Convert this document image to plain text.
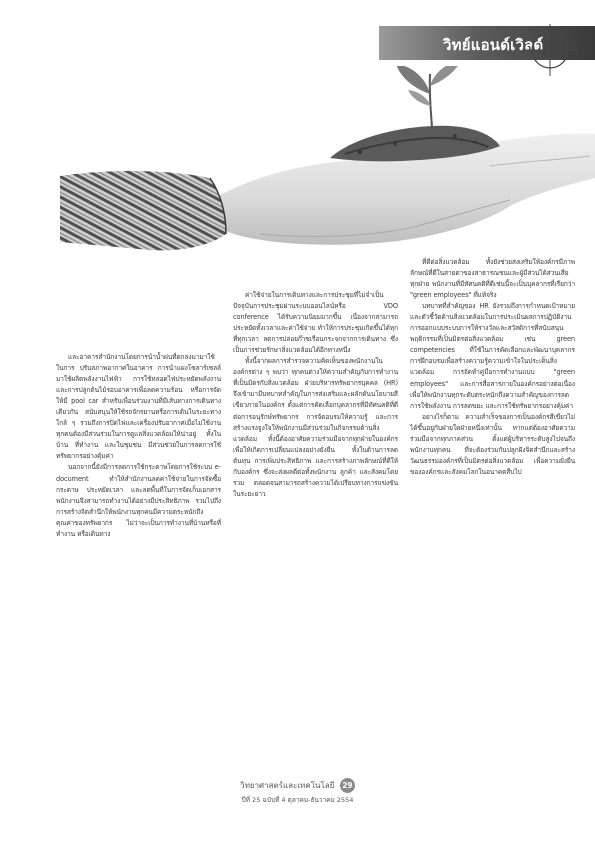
วิทย์แอนด์เวิลด์

และอาคารสำนักงานโดยการนำน้ำฝนที่ตกลงมามาใช้ในการ ปรับสภาพอากาศในอาคาร การนำแผงโซลาร์เซลล์มาใช้ผลิตพลังงานไฟฟ้า การใช้หลอดไฟประหยัดพลังงาน และการปลูกต้นไม้รอบอาคารเพื่อลดความร้อน หรือการจัดให้มี pool car สำหรับเพื่อนร่วมงานที่มีเส้นทางการเดินทางเดียวกัน สนับสนุนให้ใช้รถจักรยานหรือการเดินในระยะทางใกล้ ๆ รวมถึงการปิดไฟและเครื่องปรับอากาศเมื่อไม่ใช้งาน ทุกคนต้องมีส่วนร่วมในการดูแลสิ่งแวดล้อมให้น่าอยู่ ทั้งในบ้าน ที่ทำงาน และในชุมชน มีส่วนช่วยในการลดการใช้ทรัพยากรอย่างคุ้มค่า

นอกจากนี้ยังมีการลดการใช้กระดาษโดยการใช้ระบบ e-document ทำให้สำนักงานลดค่าใช้จ่ายในการจัดซื้อกระดาษ ประหยัดเวลา และลดพื้นที่ในการจัดเก็บเอกสาร พนักงานจึงสามารถทำงานได้อย่างมีประสิทธิภาพ รวมไปถึงการสร้างจิตสำนึกให้พนักงานทุกคนมีความตระหนักถึงคุณค่าของทรัพยากร ไม่ว่าจะเป็นการทำงานที่บ้านหรือที่ทำงาน หรือเดินทาง

ค่าใช้จ่ายในการเดินทางและการประชุมที่ไม่จำเป็น ปัจจุบันการประชุมผ่านระบบออนไลน์หรือ VDO conference ได้รับความนิยมมากขึ้น เนื่องจากสามารถประหยัดทั้งเวลาและค่าใช้จ่าย ทำให้การประชุมเกิดขึ้นได้ทุกที่ทุกเวลา ลดการปล่อยก๊าซเรือนกระจกจากการเดินทาง ซึ่งเป็นการช่วยรักษาสิ่งแวดล้อมได้อีกทางหนึ่ง

ทั้งนี้จากผลการสำรวจความคิดเห็นของพนักงานในองค์กรต่าง ๆ พบว่า ทุกคนต่างให้ความสำคัญกับการทำงานที่เป็นมิตรกับสิ่งแวดล้อม ฝ่ายบริหารทรัพยากรบุคคล (HR) จึงเข้ามามีบทบาทสำคัญในการส่งเสริมและผลักดันนโยบายสีเขียวภายในองค์กร ตั้งแต่การคัดเลือกบุคลากรที่มีทัศนคติที่ดีต่อการอนุรักษ์ทรัพยากร การจัดอบรมให้ความรู้ และการสร้างแรงจูงใจให้พนักงานมีส่วนร่วมในกิจกรรมด้านสิ่งแวดล้อม ทั้งนี้ต้องอาศัยความร่วมมือจากทุกฝ่ายในองค์กร เพื่อให้เกิดการเปลี่ยนแปลงอย่างยั่งยืน ทั้งในด้านการลดต้นทุน การเพิ่มประสิทธิภาพ และการสร้างภาพลักษณ์ที่ดีให้กับองค์กร ซึ่งจะส่งผลดีต่อทั้งพนักงาน ลูกค้า และสังคมโดยรวม ตลอดจนสามารถสร้างความได้เปรียบทางการแข่งขันในระยะยาว

ที่ดีต่อสิ่งแวดล้อม ทั้งยังช่วยส่งเสริมให้องค์กรมีภาพลักษณ์ที่ดีในสายตาของสาธารณชนและผู้มีส่วนได้ส่วนเสียทุกฝ่าย พนักงานที่มีทัศนคติที่ดีเช่นนี้จะเป็นบุคลากรที่เรียกว่า "green employees" ที่แท้จริง

บทบาทที่สำคัญของ HR ยังรวมถึงการกำหนดเป้าหมายและตัวชี้วัดด้านสิ่งแวดล้อมในการประเมินผลการปฏิบัติงาน การออกแบบระบบการให้รางวัลและสวัสดิการที่สนับสนุนพฤติกรรมที่เป็นมิตรต่อสิ่งแวดล้อม เช่น green competencies ที่ใช้ในการคัดเลือกและพัฒนาบุคลากร การฝึกอบรมเพื่อสร้างความรู้ความเข้าใจในประเด็นสิ่งแวดล้อม การจัดทำคู่มือการทำงานแบบ "green employees" และการสื่อสารภายในองค์กรอย่างต่อเนื่อง เพื่อให้พนักงานทุกระดับตระหนักถึงความสำคัญของการลดการใช้พลังงาน การลดขยะ และการใช้ทรัพยากรอย่างคุ้มค่า

อย่างไรก็ตาม ความสำเร็จของการเป็นองค์กรสีเขียวไม่ได้ขึ้นอยู่กับฝ่ายใดฝ่ายหนึ่งเท่านั้น หากแต่ต้องอาศัยความร่วมมือจากทุกภาคส่วน ตั้งแต่ผู้บริหารระดับสูงไปจนถึงพนักงานทุกคน ที่จะต้องร่วมกันปลูกฝังจิตสำนึกและสร้างวัฒนธรรมองค์กรที่เป็นมิตรต่อสิ่งแวดล้อม เพื่อความยั่งยืนขององค์กรและสังคมโลกในอนาคตสืบไป

วิทยาศาสตร์และเทคโนโลยี 29
ปีที่ 25 ฉบับที่ 4 ตุลาคม-ธันวาคม 2554
